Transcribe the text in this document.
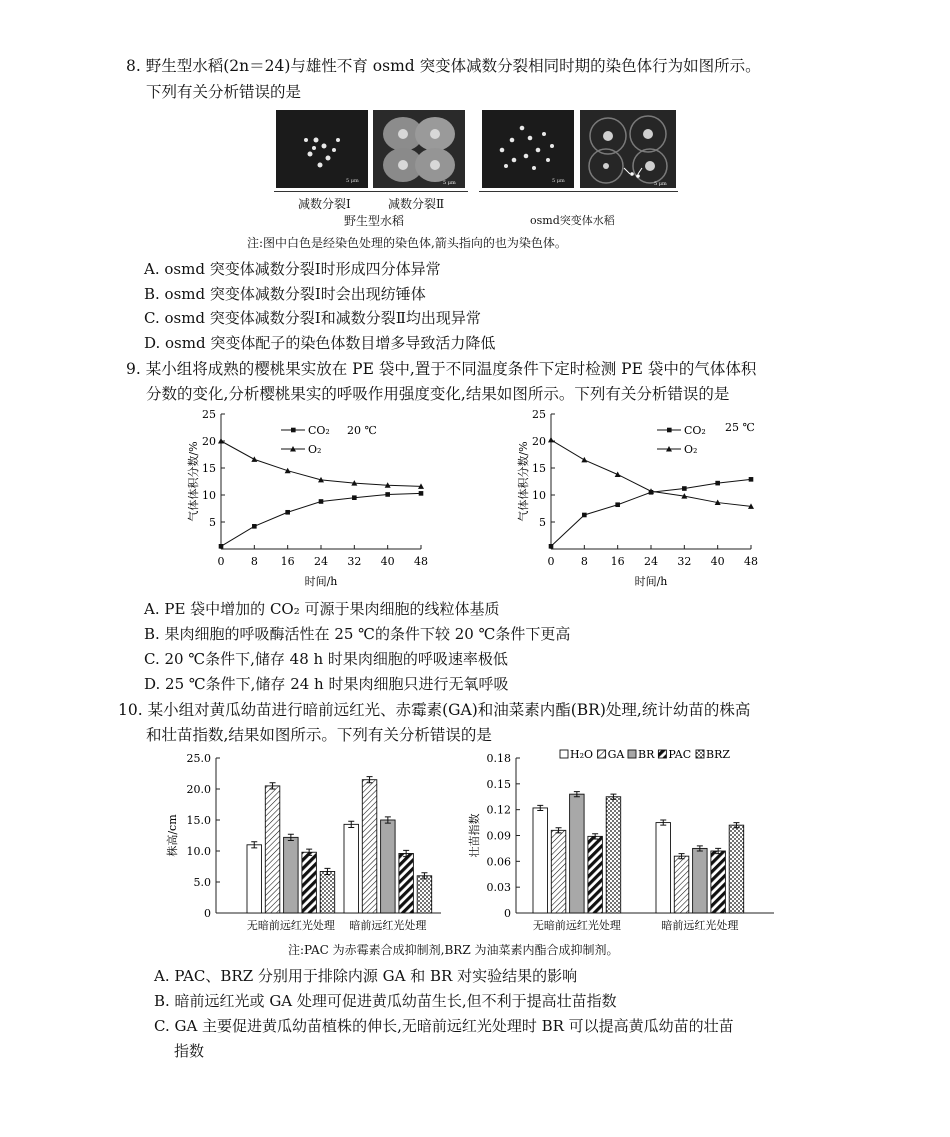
8. 野生型水稻(2n＝24)与雄性不育 osmd 突变体减数分裂相同时期的染色体行为如图所示。
下列有关分析错误的是
5 μm	5 μm	5 μm	5 μm
减数分裂Ⅰ	减数分裂Ⅱ
野生型水稻	osmd突变体水稻
注:图中白色是经染色处理的染色体,箭头指向的也为染色体。
A. osmd 突变体减数分裂Ⅰ时形成四分体异常
B. osmd 突变体减数分裂Ⅰ时会出现纺锤体
C. osmd 突变体减数分裂Ⅰ和减数分裂Ⅱ均出现异常
D. osmd 突变体配子的染色体数目增多导致活力降低
9. 某小组将成熟的樱桃果实放在 PE 袋中,置于不同温度条件下定时检测 PE 袋中的气体体积
分数的变化,分析樱桃果实的呼吸作用强度变化,结果如图所示。下列有关分析错误的是
5
10
15
20
25
0 8 16 24 32 40 48
时间/h
气体体积分数/%
CO₂
O₂
20 ℃
5
10
15
20
25
0 8 16 24 32 40 48
时间/h
气体体积分数/%
CO₂
O₂
25 ℃
A. PE 袋中增加的 CO₂ 可源于果肉细胞的线粒体基质
B. 果肉细胞的呼吸酶活性在 25 ℃的条件下较 20 ℃条件下更高
C. 20 ℃条件下,储存 48 h 时果肉细胞的呼吸速率极低
D. 25 ℃条件下,储存 24 h 时果肉细胞只进行无氧呼吸
10. 某小组对黄瓜幼苗进行暗前远红光、赤霉素(GA)和油菜素内酯(BR)处理,统计幼苗的株高
和壮苗指数,结果如图所示。下列有关分析错误的是
0
5.0
10.0
15.0
20.0
25.0
株高/cm
无暗前远红光处理 暗前远红光处理
0
0.03
0.06
0.09
0.12
0.15
0.18
壮苗指数
无暗前远红光处理	暗前远红光处理
H₂O GA BR PAC BRZ
注:PAC 为赤霉素合成抑制剂,BRZ 为油菜素内酯合成抑制剂。
A. PAC、BRZ 分别用于排除内源 GA 和 BR 对实验结果的影响
B. 暗前远红光或 GA 处理可促进黄瓜幼苗生长,但不利于提高壮苗指数
C. GA 主要促进黄瓜幼苗植株的伸长,无暗前远红光处理时 BR 可以提高黄瓜幼苗的壮苗
指数
